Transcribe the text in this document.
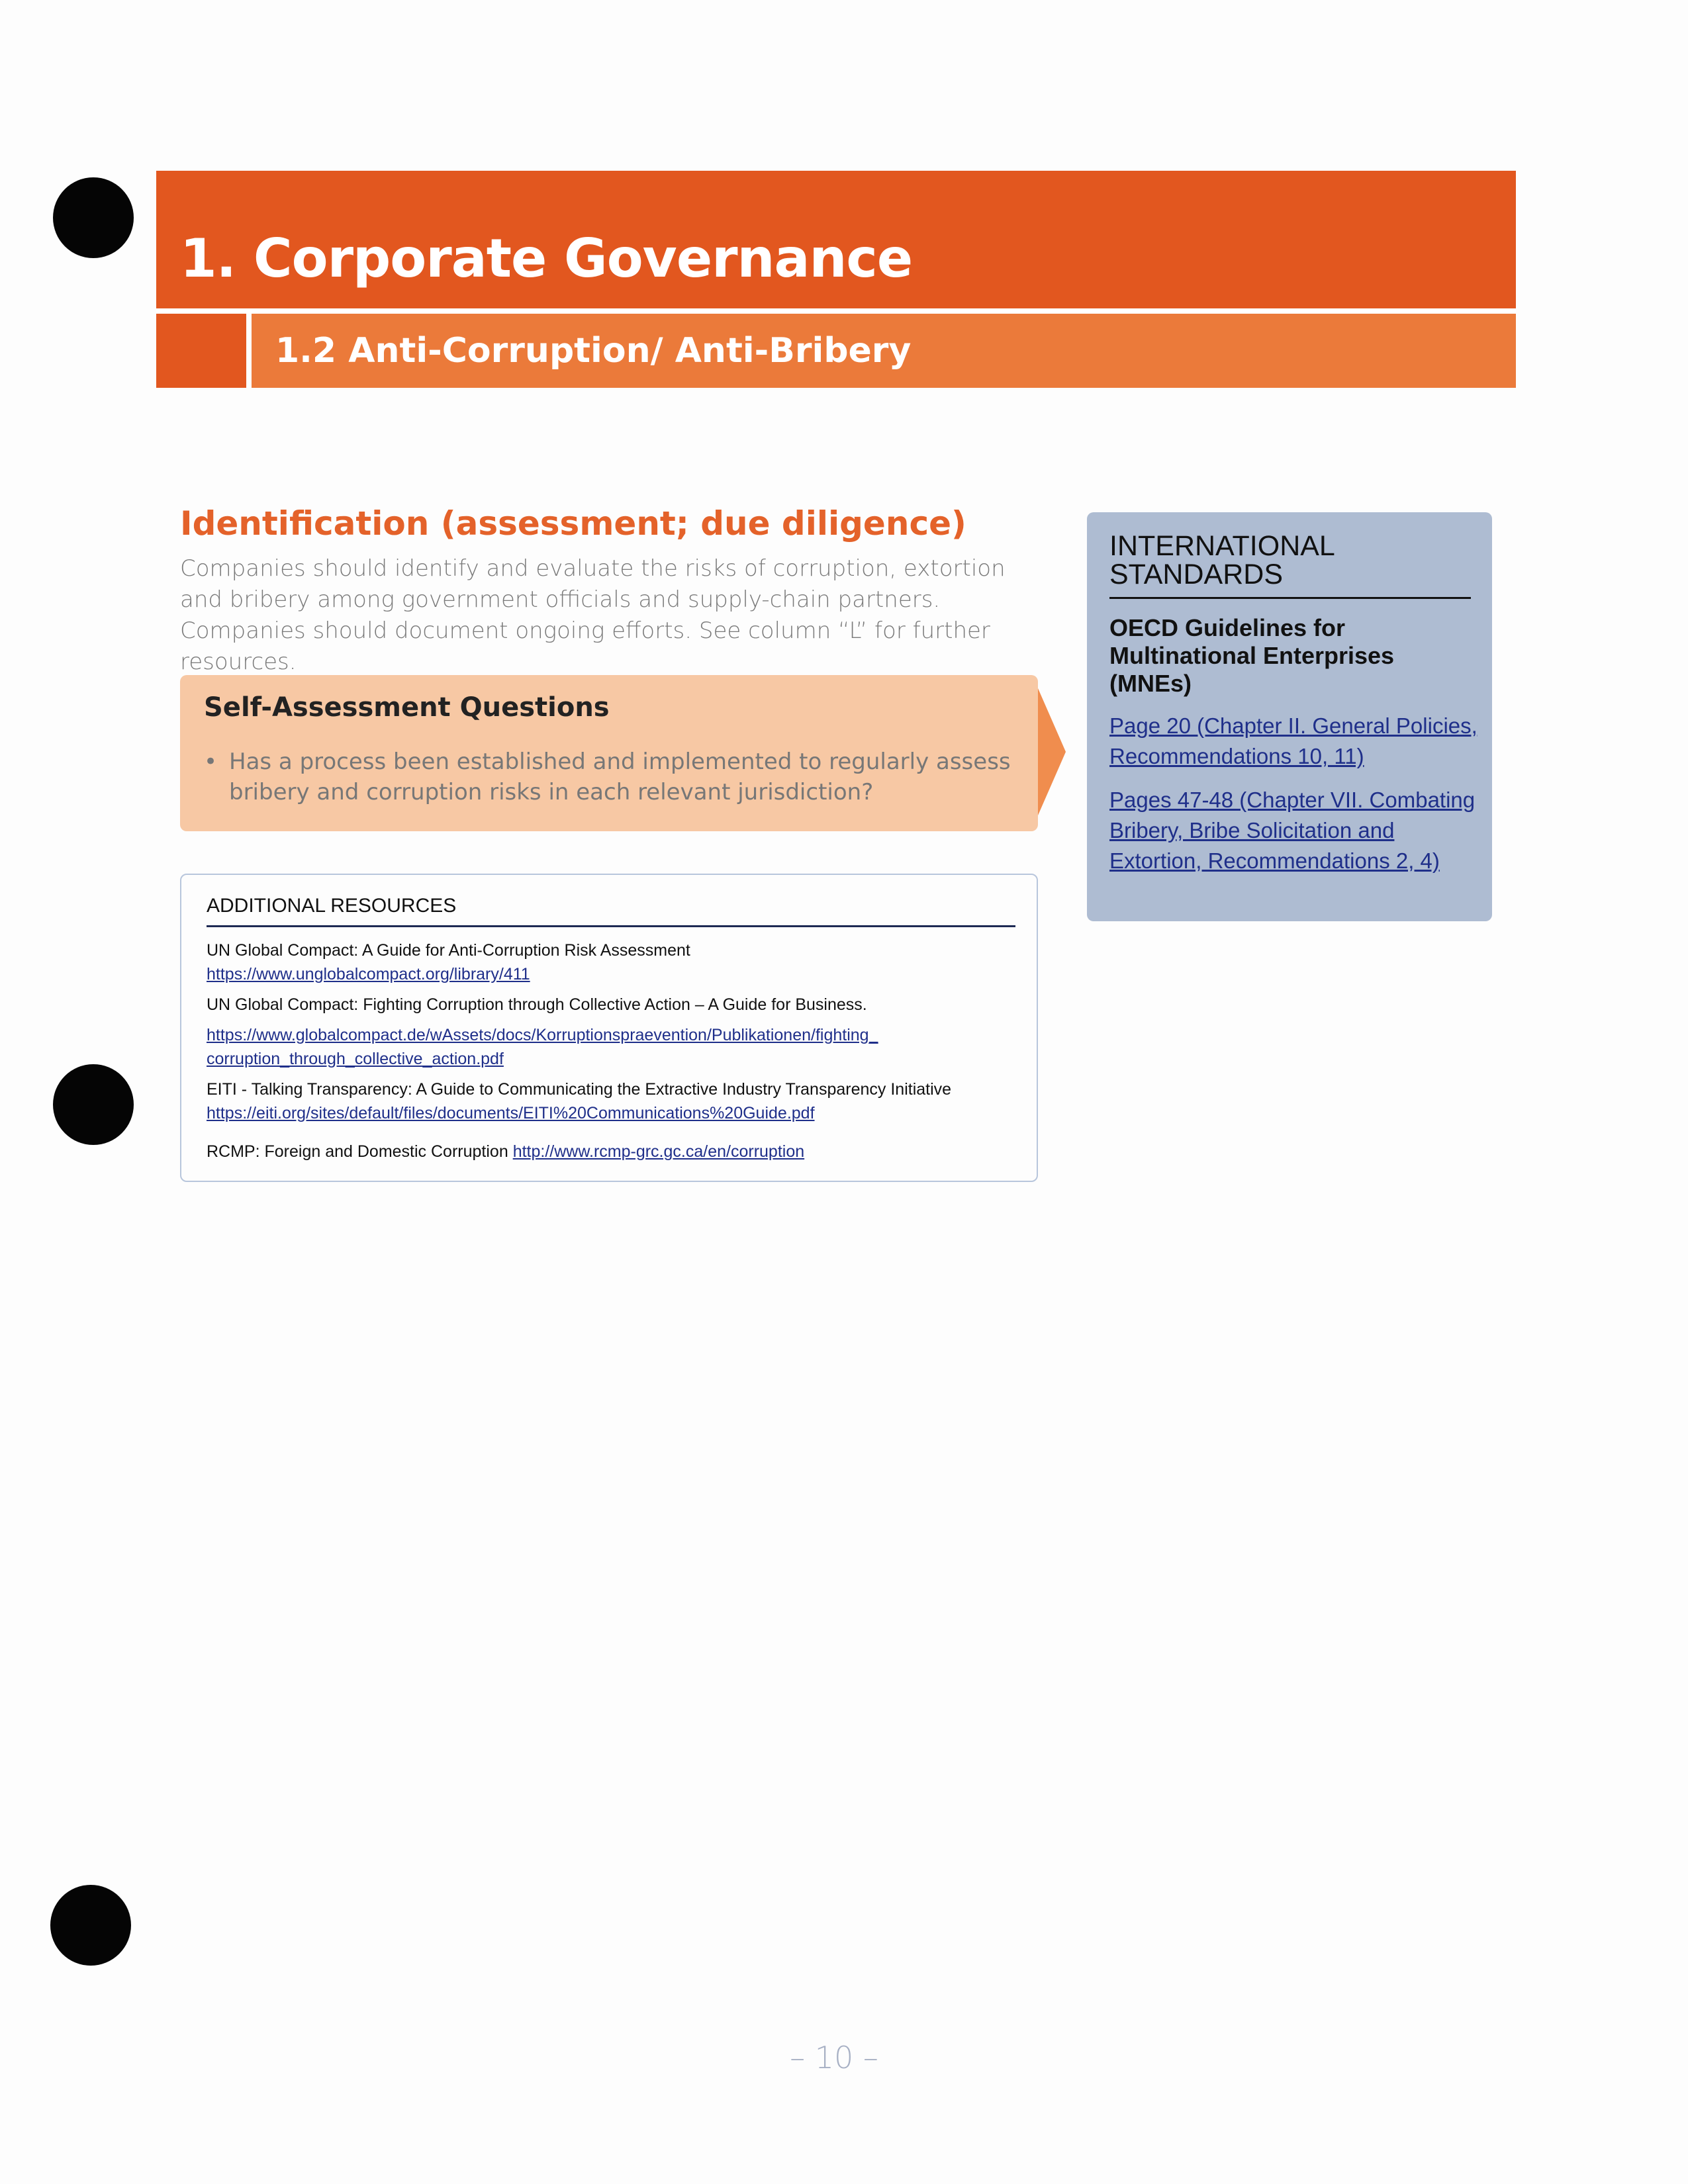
1. Corporate Governance
1.2 Anti-Corruption/ Anti-Bribery
Identification (assessment; due diligence)
Companies should identify and evaluate the risks of corruption, extortion and bribery among government officials and supply-chain partners. Companies should document ongoing efforts. See column “L” for further resources.
Self-Assessment Questions
• Has a process been established and implemented to regularly assess bribery and corruption risks in each relevant jurisdiction?
ADDITIONAL RESOURCES
UN Global Compact: A Guide for Anti-Corruption Risk Assessment
https://www.unglobalcompact.org/library/411
UN Global Compact: Fighting Corruption through Collective Action – A Guide for Business.
https://www.globalcompact.de/wAssets/docs/Korruptionspraevention/Publikationen/fighting_
corruption_through_collective_action.pdf
EITI - Talking Transparency: A Guide to Communicating the Extractive Industry Transparency Initiative
https://eiti.org/sites/default/files/documents/EITI%20Communications%20Guide.pdf
RCMP: Foreign and Domestic Corruption http://www.rcmp-grc.gc.ca/en/corruption
INTERNATIONAL STANDARDS
OECD Guidelines for Multinational Enterprises (MNEs)
Page 20 (Chapter II. General Policies, Recommendations 10, 11)
Pages 47-48 (Chapter VII. Combating Bribery, Bribe Solicitation and Extortion, Recommendations 2, 4)
– 10 –
